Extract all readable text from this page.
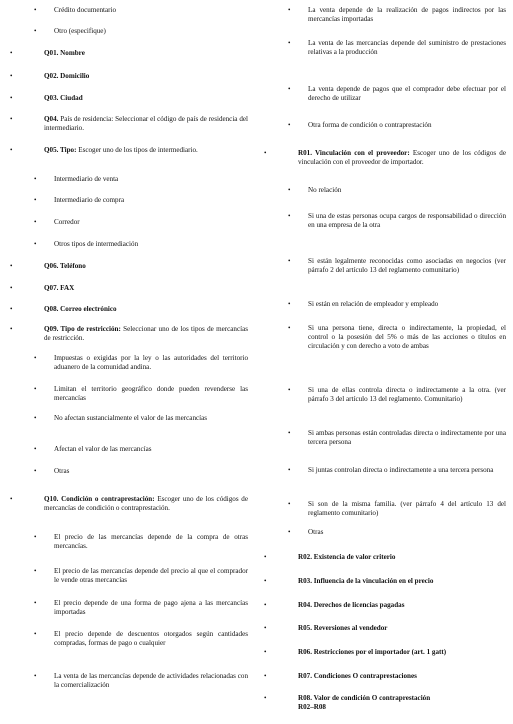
• Crédito documentario
• Otro (especifique)
•	Q01. Nombre
•	Q02. Domicilio
•	Q03. Ciudad
•	Q04. País de residencia: Seleccionar el código de país de residencia del intermediario.
•	Q05. Tipo: Escoger uno de los tipos de intermediario.
• Intermediario de venta
• Intermediario de compra
• Corredor
• Otros tipos de intermediación
•	Q06. Teléfono
•	Q07. FAX
•	Q08. Correo electrónico
•	Q09. Tipo de restricción: Seleccionar uno de los tipos de mercancías de restricción.
• Impuestas o exigidas por la ley o las autoridades del territorio aduanero de la comunidad andina.
• Limitan el territorio geográfico donde pueden revenderse las mercancías
• No afectan sustancialmente el valor de las mercancías
• Afectan el valor de las mercancías
• Otras
•	Q10. Condición o contraprestación: Escoger uno de los códigos de mercancías de condición o contraprestación.
• El precio de las mercancías depende de la compra de otras mercancías.
• El precio de las mercancías depende del precio al que el comprador le vende otras mercancías
• El precio depende de una forma de pago ajena a las mercancías importadas
• El precio depende de descuentos otorgados según cantidades compradas, formas de pago o cualquier
• La venta de las mercancías depende de actividades relacionadas con la comercialización
• La venta depende de la realización de pagos indirectos por las mercancías importadas
• La venta de las mercancías depende del suministro de prestaciones relativas a la producción
• La venta depende de pagos que el comprador debe efectuar por el derecho de utilizar
• Otra forma de condición o contraprestación
•	R01. Vinculación con el proveedor: Escoger uno de los códigos de vinculación con el proveedor de importador.
• No relación
• Si una de estas personas ocupa cargos de responsabilidad o dirección en una empresa de la otra
• Si están legalmente reconocidas como asociadas en negocios (ver párrafo 2 del artículo 13 del reglamento comunitario)
• Si están en relación de empleador y empleado
• Si una persona tiene, directa o indirectamente, la propiedad, el control o la posesión del 5% o más de las acciones o títulos en circulación y con derecho a voto de ambas
• Si una de ellas controla directa o indirectamente a la otra. (ver párrafo 3 del artículo 13 del reglamento. Comunitario)
• Si ambas personas están controladas directa o indirectamente por una tercera persona
• Si juntas controlan directa o indirectamente a una tercera persona
• Si son de la misma familia. (ver párrafo 4 del artículo 13 del reglamento comunitario)
• Otras
•	R02. Existencia de valor criterio
•	R03. Influencia de la vinculación en el precio
•	R04. Derechos de licencias pagadas
•	R05. Reversiones al vendedor
•	R06. Restricciones por el importador (art. 1 gatt)
•	R07. Condiciones O contraprestaciones
•	R08. Valor de condición O contraprestación
R02–R08
